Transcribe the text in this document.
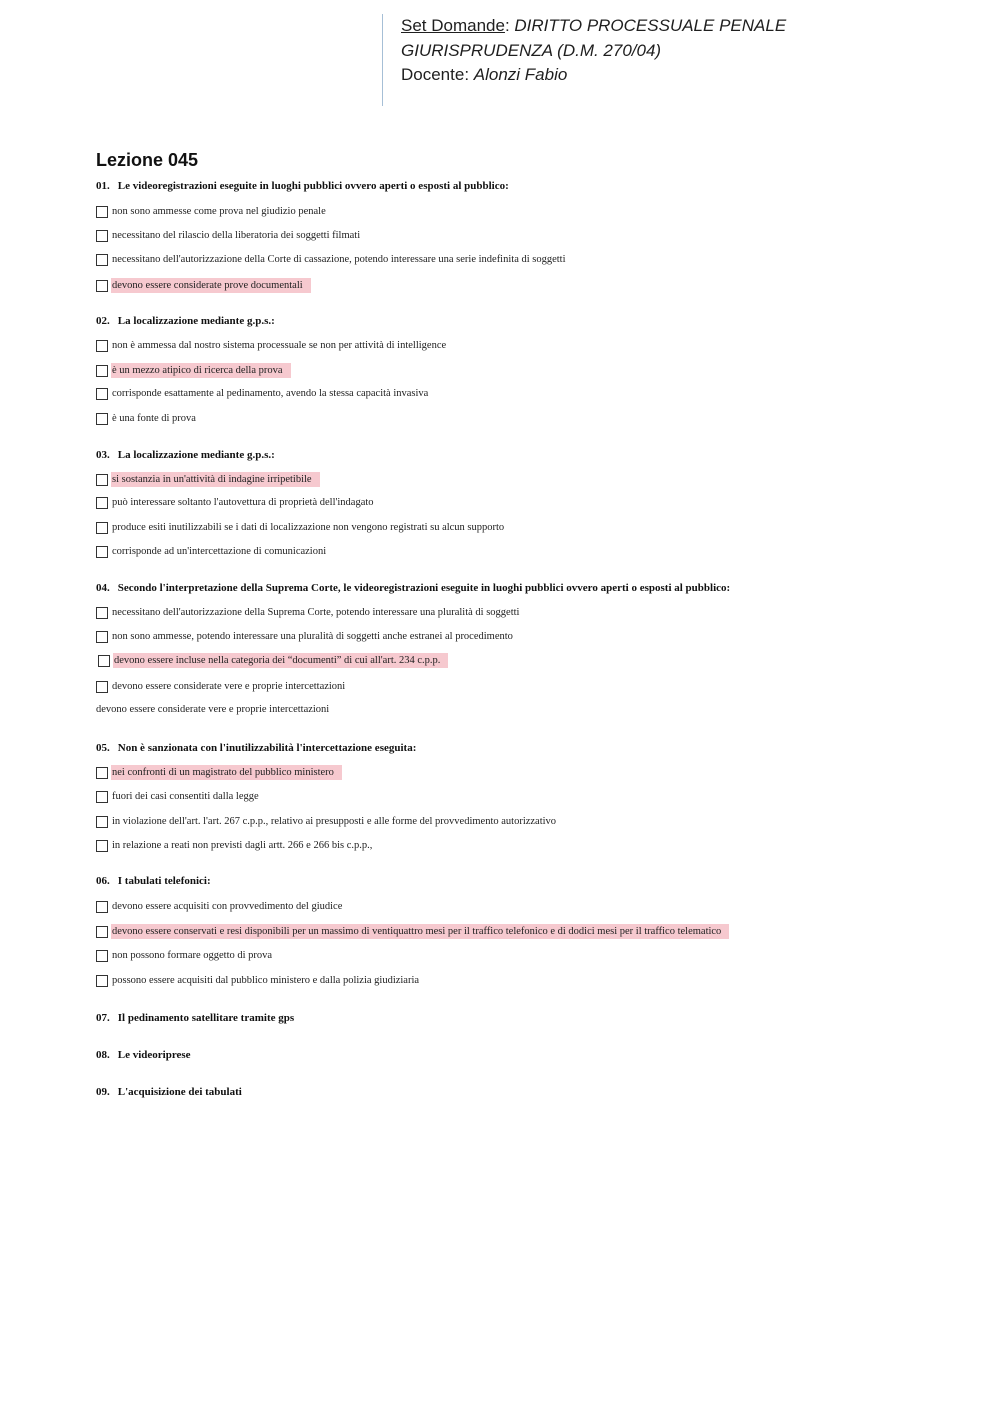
Set Domande: DIRITTO PROCESSUALE PENALE
GIURISPRUDENZA (D.M. 270/04)
Docente: Alonzi Fabio
Lezione 045
01. Le videoregistrazioni eseguite in luoghi pubblici ovvero aperti o esposti al pubblico:
non sono ammesse come prova nel giudizio penale
necessitano del rilascio della liberatoria dei soggetti filmati
necessitano dell'autorizzazione della Corte di cassazione, potendo interessare una serie indefinita di soggetti
devono essere considerate prove documentali
02. La localizzazione mediante g.p.s.:
non è ammessa dal nostro sistema processuale se non per attività di intelligence
è un mezzo atipico di ricerca della prova
corrisponde esattamente al pedinamento, avendo la stessa capacità invasiva
è una fonte di prova
03. La localizzazione mediante g.p.s.:
si sostanzia in un'attività di indagine irripetibile
può interessare soltanto l'autovettura di proprietà dell'indagato
produce esiti inutilizzabili se i dati di localizzazione non vengono registrati su alcun supporto
corrisponde ad un'intercettazione di comunicazioni
04. Secondo l'interpretazione della Suprema Corte, le videoregistrazioni eseguite in luoghi pubblici ovvero aperti o esposti al pubblico:
necessitano dell'autorizzazione della Suprema Corte, potendo interessare una pluralità di soggetti
non sono ammesse, potendo interessare una pluralità di soggetti anche estranei al procedimento
devono essere incluse nella categoria dei “documenti” di cui all'art. 234 c.p.p.
devono essere considerate vere e proprie intercettazioni
devono essere considerate vere e proprie intercettazioni
05. Non è sanzionata con l'inutilizzabilità l'intercettazione eseguita:
nei confronti di un magistrato del pubblico ministero
fuori dei casi consentiti dalla legge
in violazione dell'art. l'art. 267 c.p.p., relativo ai presupposti e alle forme del provvedimento autorizzativo
in relazione a reati non previsti dagli artt. 266 e 266 bis c.p.p.,
06. I tabulati telefonici:
devono essere acquisiti con provvedimento del giudice
devono essere conservati e resi disponibili per un massimo di ventiquattro mesi per il traffico telefonico e di dodici mesi per il traffico telematico
non possono formare oggetto di prova
possono essere acquisiti dal pubblico ministero e dalla polizia giudiziaria
07. Il pedinamento satellitare tramite gps
08. Le videoriprese
09. L'acquisizione dei tabulati
